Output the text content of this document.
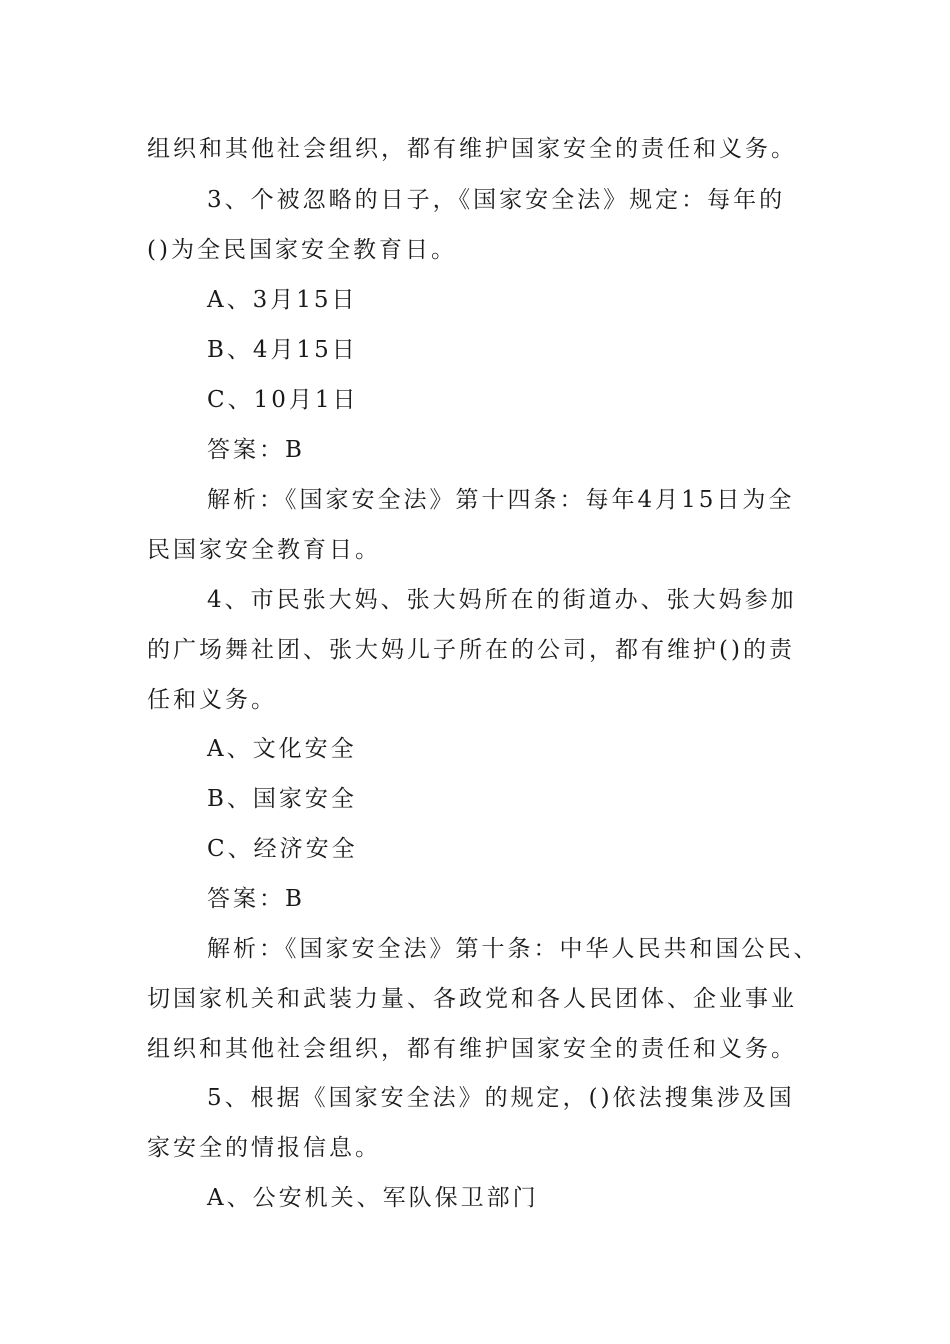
组织和其他社会组织，都有维护国家安全的责任和义务。
3、个被忽略的日子，《国家安全法》规定：每年的
()为全民国家安全教育日。
A、3月15日
B、4月15日
C、10月1日
答案：B
解析：《国家安全法》第十四条：每年4月15日为全
民国家安全教育日。
4、市民张大妈、张大妈所在的街道办、张大妈参加
的广场舞社团、张大妈儿子所在的公司，都有维护()的责
任和义务。
A、文化安全
B、国家安全
C、经济安全
答案：B
解析：《国家安全法》第十条：中华人民共和国公民、
切国家机关和武装力量、各政党和各人民团体、企业事业
组织和其他社会组织，都有维护国家安全的责任和义务。
5、根据《国家安全法》的规定，()依法搜集涉及国
家安全的情报信息。
A、公安机关、军队保卫部门
